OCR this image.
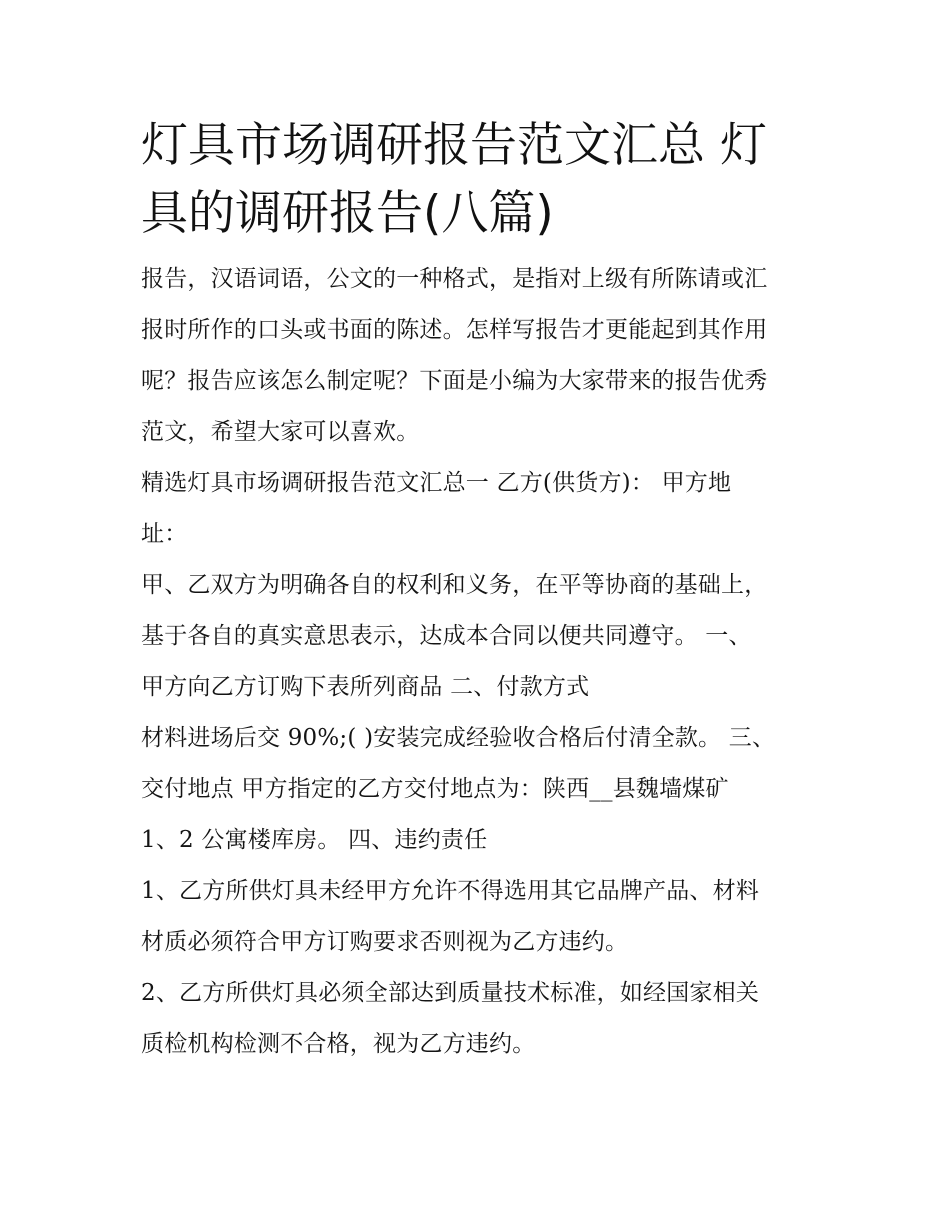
灯具市场调研报告范文汇总 灯
具的调研报告(八篇)

报告，汉语词语，公文的一种格式，是指对上级有所陈请或汇
报时所作的口头或书面的陈述。怎样写报告才更能起到其作用
呢？报告应该怎么制定呢？下面是小编为大家带来的报告优秀
范文，希望大家可以喜欢。

精选灯具市场调研报告范文汇总一 乙方(供货方)： 甲方地
址：

甲、乙双方为明确各自的权利和义务，在平等协商的基础上，
基于各自的真实意思表示，达成本合同以便共同遵守。 一、
甲方向乙方订购下表所列商品 二、付款方式

材料进场后交 90%;( )安装完成经验收合格后付清全款。 三、
交付地点 甲方指定的乙方交付地点为：陕西__县魏墙煤矿

1、2 公寓楼库房。 四、违约责任

1、乙方所供灯具未经甲方允许不得选用其它品牌产品、材料
材质必须符合甲方订购要求否则视为乙方违约。

2、乙方所供灯具必须全部达到质量技术标准，如经国家相关
质检机构检测不合格，视为乙方违约。
